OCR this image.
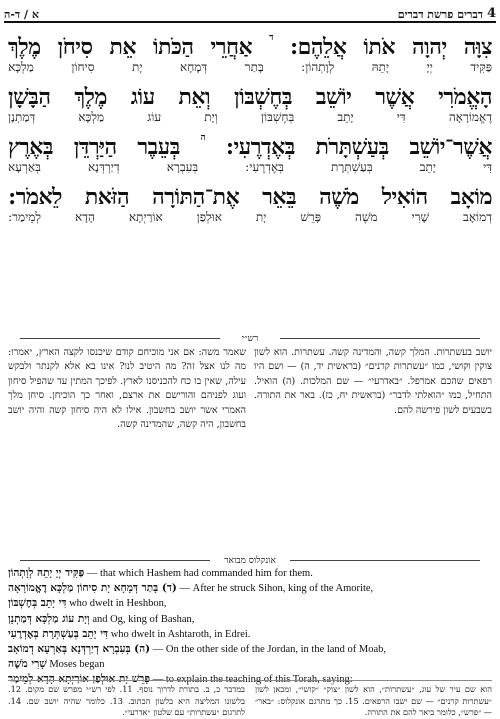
4
דברים
פרשת דברים
א / ד-ה
צִוָּה
יְהוָה
אֹתוֹ
אֲלֵהֶם:
ד
אַחֲרֵי
הַכֹּתוֹ
אֵת
סִיחֹן
מֶלֶךְ
פַּקִּיד
יְיָ
יָתֵהּ
לְוָתְהוֹן:
בָּתַר
דְּמָחָא
יָת
סִיחוֹן
מַלְכָּא
הָאֱמֹרִי
אֲשֶׁר
יוֹשֵׁב
בְּחֶשְׁבּוֹן
וְאֵת
עוֹג
מֶלֶךְ
הַבָּשָׁן
דֶאֱמוֹרָאָה
דִּי
יָתֵב
בְּחֶשְׁבּוֹן
וְיָת
עוֹג
מַלְכָּא
דְּמַתְנָן
אֲשֶׁר־יוֹשֵׁב
בְּעַשְׁתָּרֹת
בְּאֶדְרֶעִי:
ה
בְּעֵבֶר
הַיַּרְדֵּן
בְּאֶרֶץ
דִּי
יָתֵב
בְּעַשְׁתְּרָת
בְּאֶדְרֶעִי:
בְּעִבְרָא
דְיַרְדְּנָא
בְּאַרְעָא
מוֹאָב
הוֹאִיל
מֹשֶׁה
בֵּאֵר
אֶת־הַתּוֹרָה
הַזֹּאת
לֵאמֹר:
דְמוֹאָב
שָׁרִי
מֹשֶׁה
פָּרֵשׁ
יָת
אוּלְפַן
אוֹרַיְתָא
הָדָא
לְמֵימַר:
רש״י
יושב בעשתרות. המלך קשה, והמדינה קשה. עשתרות. הוא לשון צוקין וקושי, כמו ״עשתרות קרנים״ (בראשית יד, ה) — ושם היו רפאים שהכם אמרפל. ״באדרעי״ — שם המלכות. (ה) הואיל. התחיל, כמו ״הואלתי לדבר״ (בראשית יח, כז). באר את התורה. בשבעים לשון פירשה להם.
שאמר משה: אם אני מוכיחם קודם שיכנסו לקצה הארץ, יאמרו: מה לנו אצל זה? מה היטיב לנו? אינו בא אלא לקנתר ולבקש עילה, שאין בו כח להכניסנו לארץ. לפיכך המתין עד שהפיל סיחון ועוג לפניהם והורישם את ארצם, ואחר כך הוכיחן. סיחן מלך האמרי אשר יושב בחשבון. אילו לא היה סיחון קשה והיה יושב בחשבון, היה קשה, שהמדינה קשה.
אונקלוס מבואר

פַּקִּיד יְיָ יָתֵהּ לְוָתְהוֹן — that which Hashem had commanded him for them.

(ד) בָּתַר דְּמָחָא יָת סִיחוֹן מַלְכָּא דֶאֱמוֹרָאָה — After he struck Sihon, king of the Amorite,

דִּי יָתֵב בְּחֶשְׁבּוֹן who dwelt in Heshbon,

וְיָת עוֹג מַלְכָּא דְּמַתְנָן and Og, king of Bashan,

דִּי יָתֵב בְּעַשְׁתְּרָת בְּאֶדְרֶעִי who dwelt in Ashtaroth, in Edrei.

(ה) בְּעִבְרָא דְיַרְדְּנָא בְּאַרְעָא דְמוֹאָב — On the other side of the Jordan, in the land of Moab,

שָׁרִי מֹשֶׁה Moses began

פָּרֵשׁ יָת אוּלְפַן אוֹרַיְתָא הָדָא לְמֵימַר — to explain the teaching of this Torah, saying:

הוא שם עיר של עוג, ״עשתרות״, הוא לשון ״צוק״ ״קושי״, ומכאן לשון ״עשתרות קרנים״ — שם ישבו הרפאים. 15. כך מתרגם אונקלוס: ״באר״ — ״פרש״, כלומר ביאר להם את התורה.
במדבר כ, ב. בתורת לדרוך נוסף. 11. לפי רש״י מפרש שם מקום. 12. בלשונו המליצה היא בלשון הכתוב. 13. כלומר שהיה יושב שם. 14. לתרגום ״עשתרות״ עם שלטון ״אדרעי״.
